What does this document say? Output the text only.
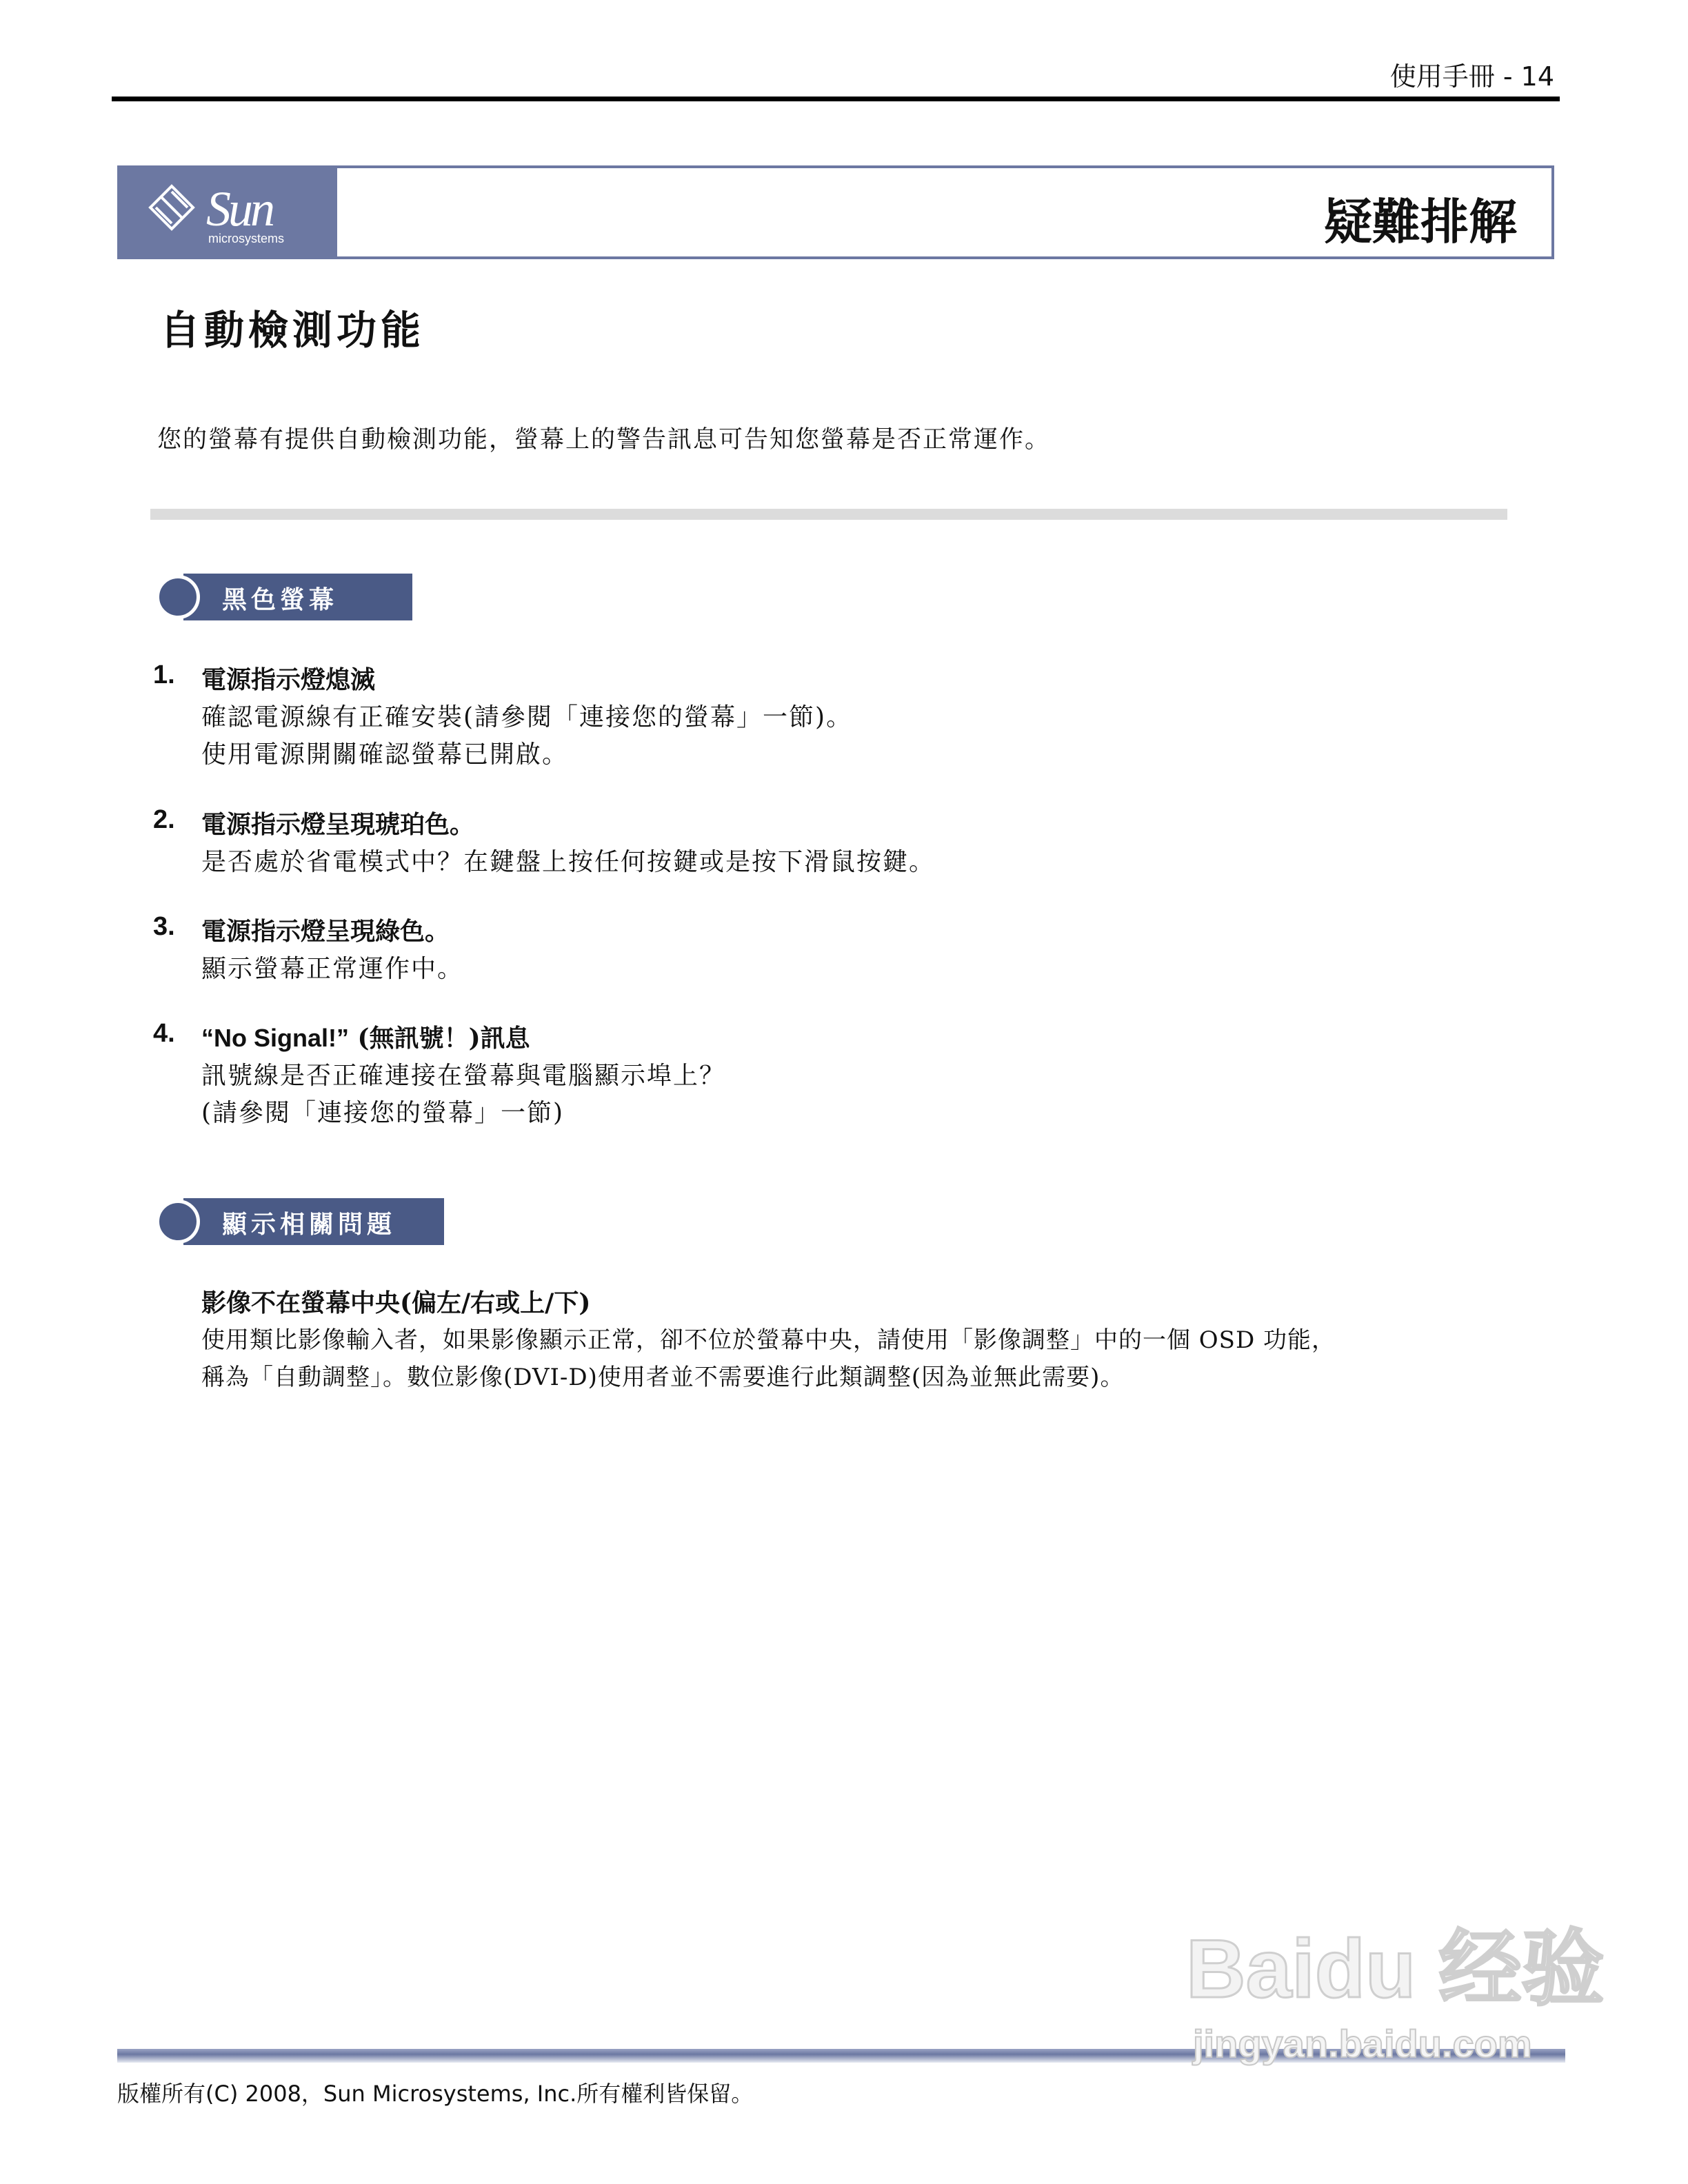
使用手冊 - 14
Sun
microsystems	疑難排解
自動檢測功能
您的螢幕有提供自動檢測功能，螢幕上的警告訊息可告知您螢幕是否正常運作。
黑色螢幕
1. 電源指示燈熄滅
確認電源線有正確安裝(請參閱「連接您的螢幕」一節)。
使用電源開關確認螢幕已開啟。
2. 電源指示燈呈現琥珀色。
是否處於省電模式中？在鍵盤上按任何按鍵或是按下滑鼠按鍵。
3. 電源指示燈呈現綠色。
顯示螢幕正常運作中。
4. “No Signal!” (無訊號！)訊息
訊號線是否正確連接在螢幕與電腦顯示埠上？
(請參閱「連接您的螢幕」一節)
顯示相關問題
影像不在螢幕中央(偏左/右或上/下)
使用類比影像輸入者，如果影像顯示正常，卻不位於螢幕中央，請使用「影像調整」中的一個 OSD 功能，
稱為「自動調整」。數位影像(DVI-D)使用者並不需要進行此類調整(因為並無此需要)。
版權所有(C) 2008，Sun Microsystems, Inc.所有權利皆保留。
Baidu 经验
jingyan.baidu.com
